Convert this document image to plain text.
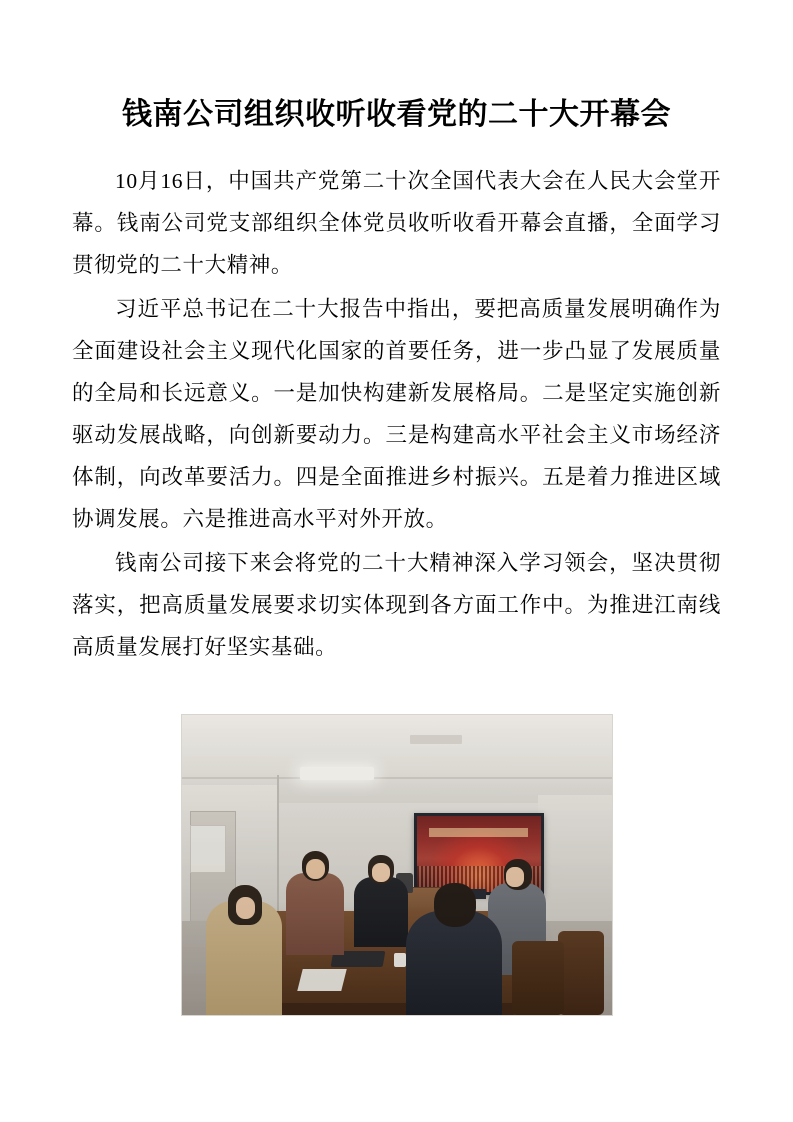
钱南公司组织收听收看党的二十大开幕会

10月16日，中国共产党第二十次全国代表大会在人民大会堂开幕。钱南公司党支部组织全体党员收听收看开幕会直播，全面学习贯彻党的二十大精神。

习近平总书记在二十大报告中指出，要把高质量发展明确作为全面建设社会主义现代化国家的首要任务，进一步凸显了发展质量的全局和长远意义。一是加快构建新发展格局。二是坚定实施创新驱动发展战略，向创新要动力。三是构建高水平社会主义市场经济体制，向改革要活力。四是全面推进乡村振兴。五是着力推进区域协调发展。六是推进高水平对外开放。

钱南公司接下来会将党的二十大精神深入学习领会，坚决贯彻落实，把高质量发展要求切实体现到各方面工作中。为推进江南线高质量发展打好坚实基础。
